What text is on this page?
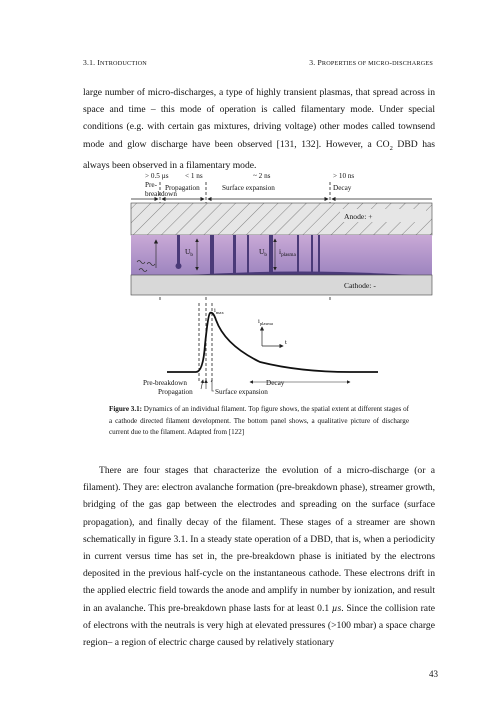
3.1. INTRODUCTION	3. PROPERTIES OF MICRO-DISCHARGES
large number of micro-discharges, a type of highly transient plasmas, that spread across in space and time – this mode of operation is called filamentary mode. Under special conditions (e.g. with certain gas mixtures, driving voltage) other modes called townsend mode and glow discharge have been observed [131, 132]. However, a $CO_2$ DBD has always been observed in a filamentary mode.
> 0.5 µs
Pre-
breakdown
< 1 ns
Propagation
~ 2 ns
Surface expansion
> 10 ns
Decay
Anode: +
$U_b$	$U_b$ $i_{plasma}$
Cathode: -
$i_{max}$
$i_{plasma}$
t
Pre-breakdown
Propagation	Surface expansion
Decay
Figure 3.1: Dynamics of an individual filament. Top figure shows, the spatial extent at different stages of a cathode directed filament development. The bottom panel shows, a qualitative picture of discharge current due to the filament. Adapted from [122]
There are four stages that characterize the evolution of a micro-discharge (or a filament). They are: electron avalanche formation (pre-breakdown phase), streamer growth, bridging of the gas gap between the electrodes and spreading on the surface (surface propagation), and finally decay of the filament. These stages of a streamer are shown schematically in figure 3.1. In a steady state operation of a DBD, that is, when a periodicity in current versus time has set in, the pre-breakdown phase is initiated by the electrons deposited in the previous half-cycle on the instantaneous cathode. These electrons drift in the applied electric field towards the anode and amplify in number by ionization, and result in an avalanche. This pre-breakdown phase lasts for at least 0.1 µs. Since the collision rate of electrons with the neutrals is very high at elevated pressures (>100 mbar) a space charge region– a region of electric charge caused by relatively stationary
43
